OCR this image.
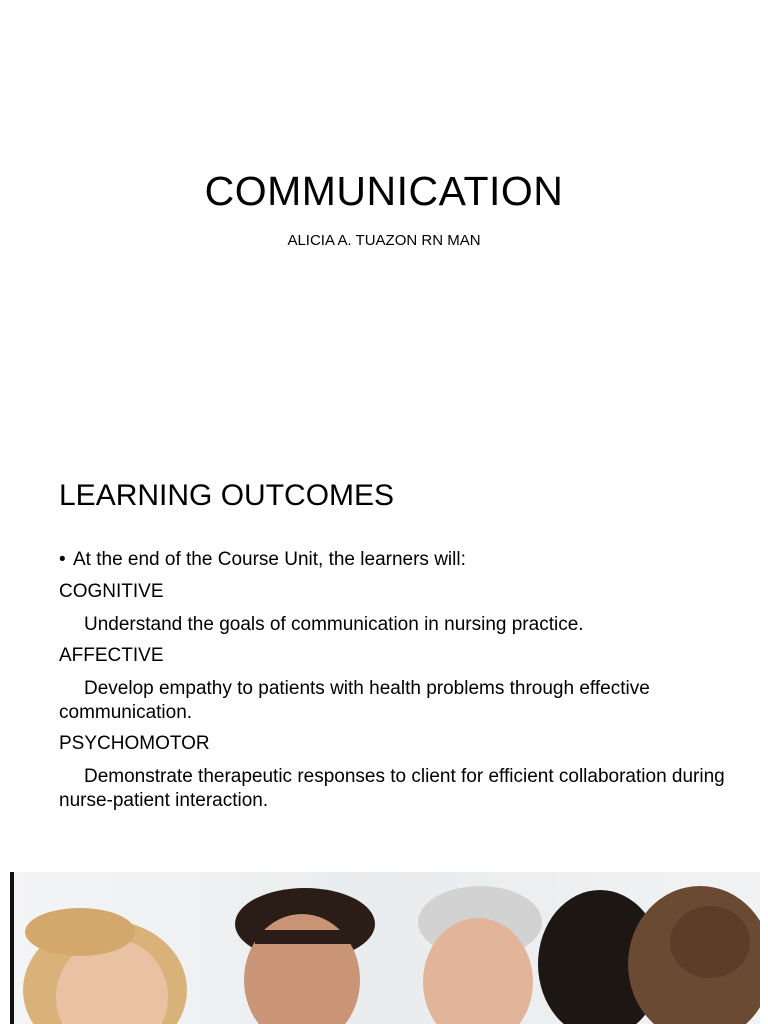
COMMUNICATION
ALICIA A. TUAZON RN MAN
LEARNING OUTCOMES
• At the end of the Course Unit, the learners will:
COGNITIVE
Understand the goals of communication in nursing practice.
AFFECTIVE
Develop empathy to patients with health problems through effective communication.
PSYCHOMOTOR
Demonstrate therapeutic responses to client for efficient collaboration during nurse-patient interaction.
